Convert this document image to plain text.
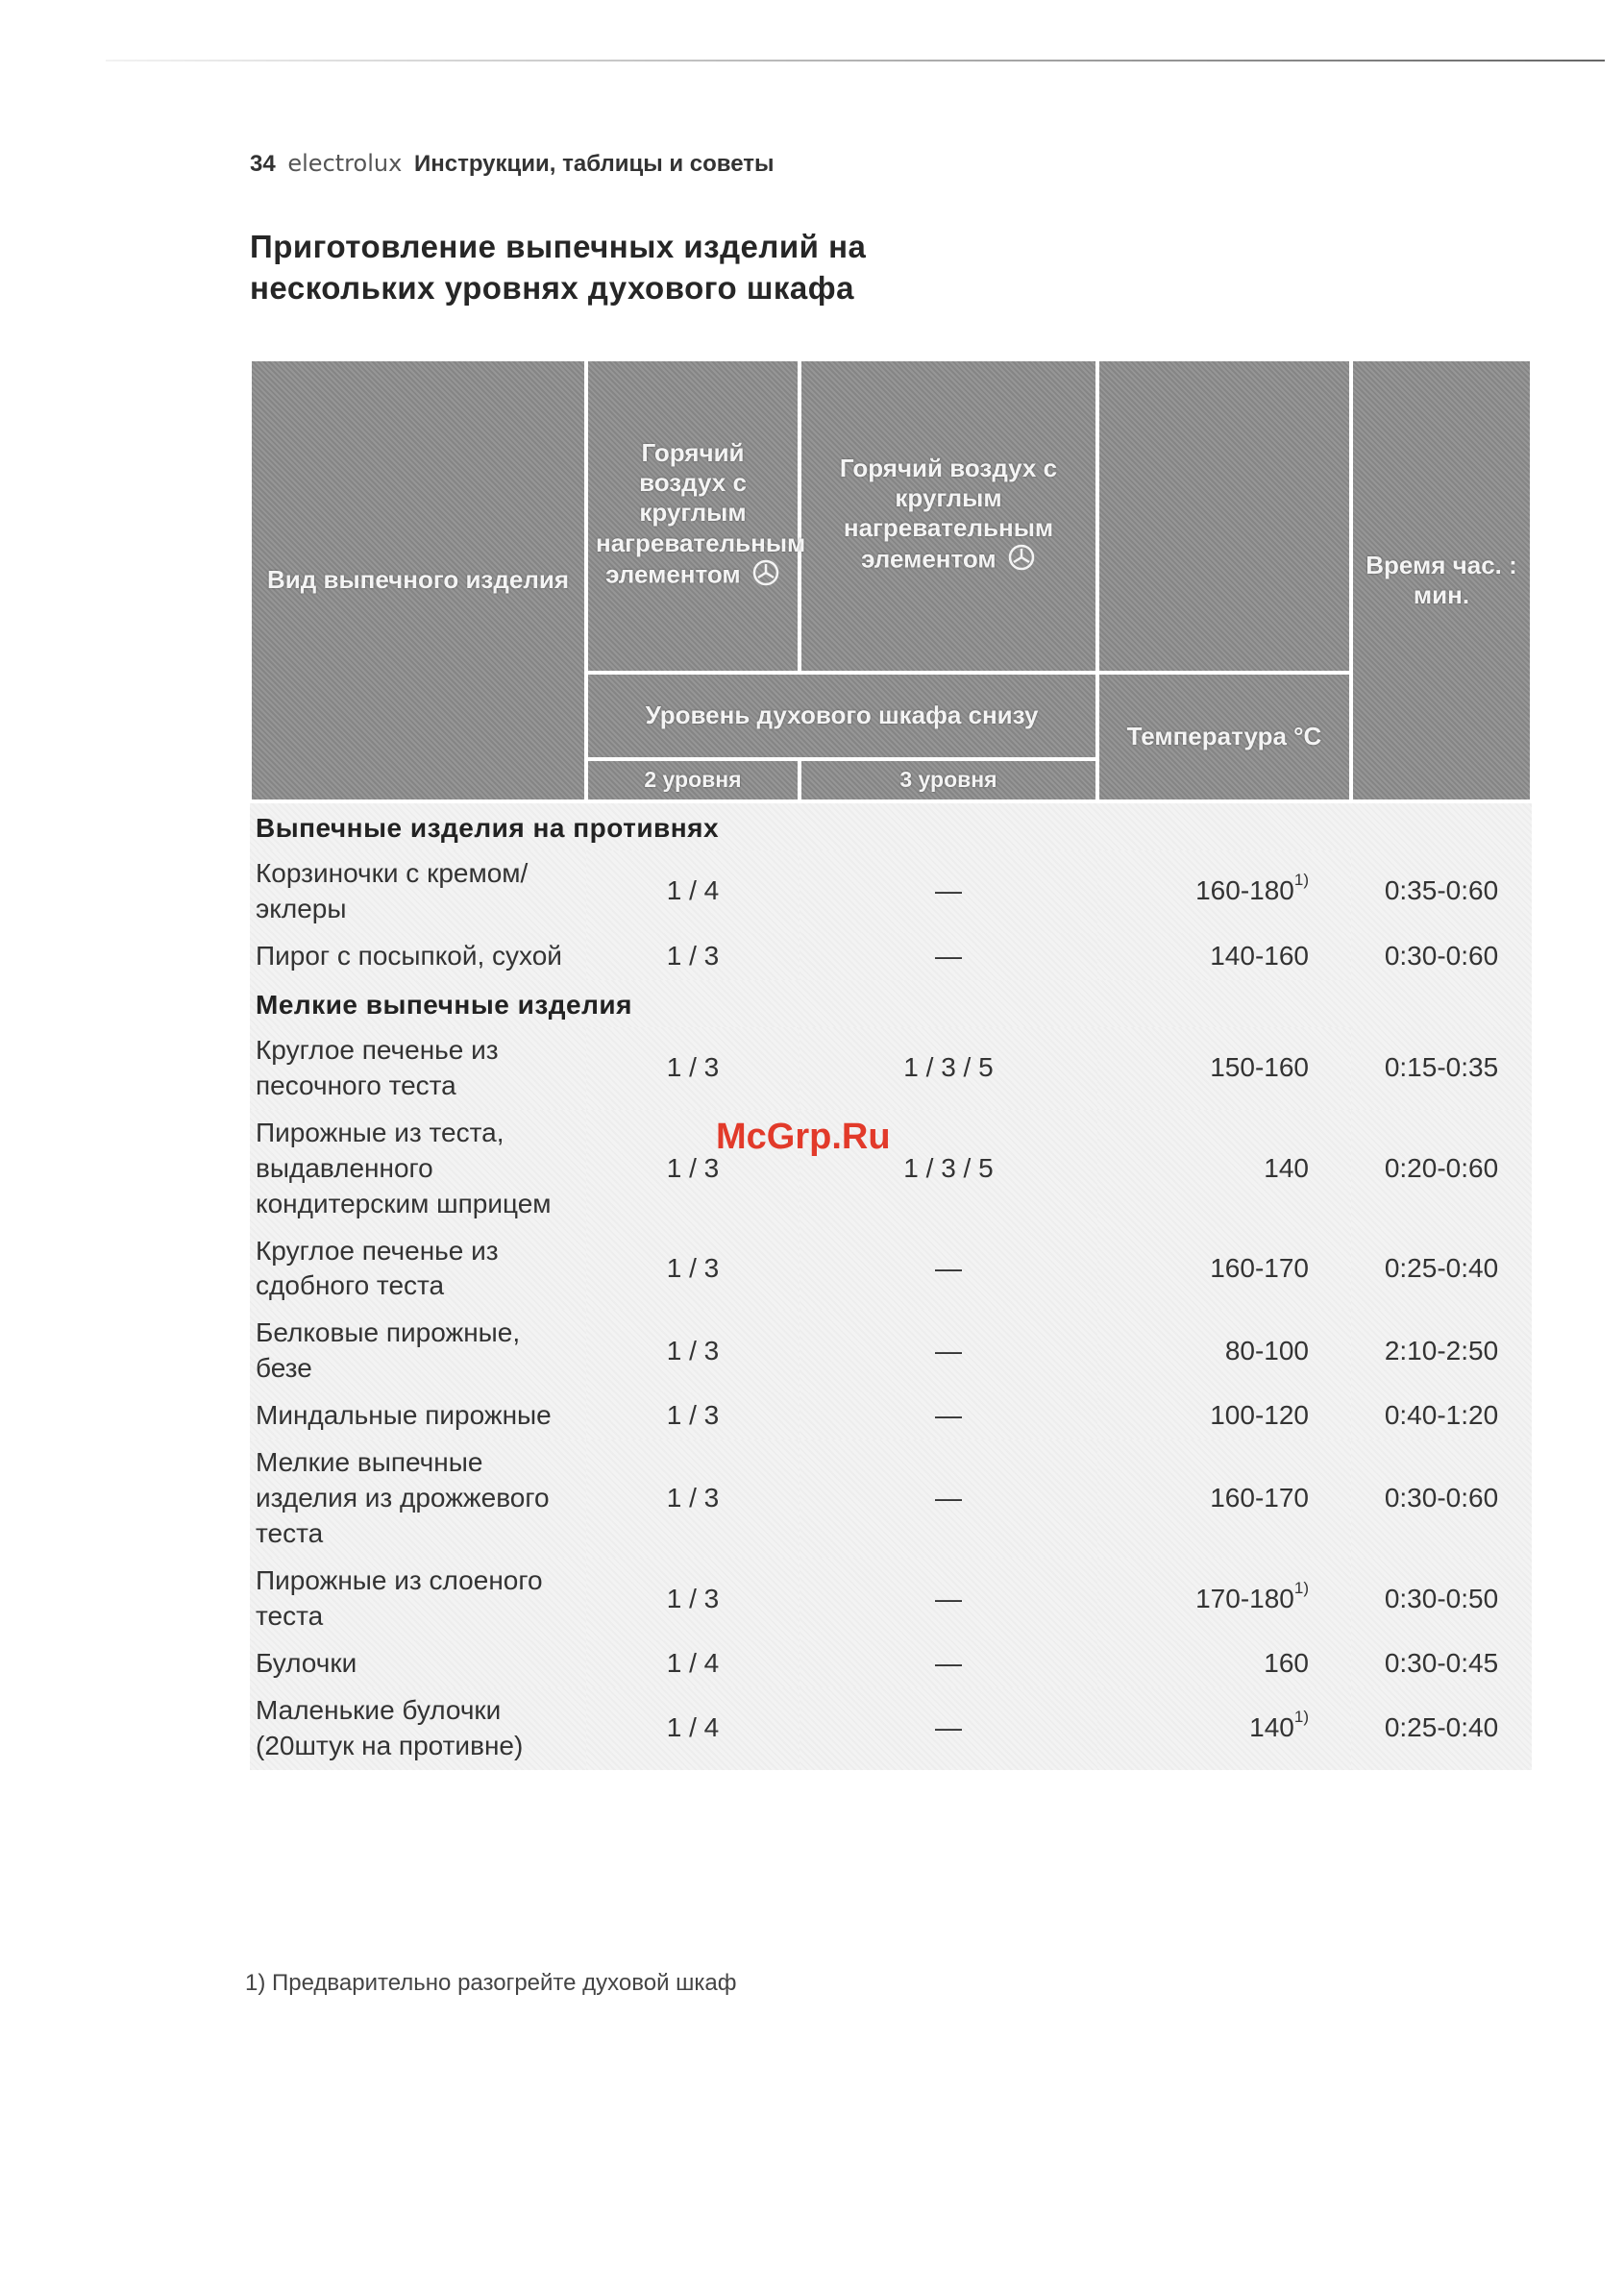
34 electrolux Инструкции, таблицы и советы
Приготовление выпечных изделий на нескольких уровнях духового шкафа
Вид выпечного изделия	Горячий воздух с круглым нагревательным элементом	Горячий воздух с круглым нагревательным элементом		Время час. : мин.
	Уровень духового шкафа снизу		Температура °С	
	2 уровня	3 уровня		
Выпечные изделия на противнях				
Корзиночки с кремом/ эклеры	1 / 4	—	160-180$^{1)}$	0:35-0:60
Пирог с посыпкой, сухой	1 / 3	—	140-160	0:30-0:60
Мелкие выпечные изделия				
Круглое печенье из песочного теста	1 / 3	1 / 3 / 5	150-160	0:15-0:35
Пирожные из теста, выдавленного кондитерским шприцем	1 / 3	1 / 3 / 5	140	0:20-0:60
Круглое печенье из сдобного теста	1 / 3	—	160-170	0:25-0:40
Белковые пирожные, безе	1 / 3	—	80-100	2:10-2:50
Миндальные пирожные	1 / 3	—	100-120	0:40-1:20
Мелкие выпечные изделия из дрожжевого теста	1 / 3	—	160-170	0:30-0:60
Пирожные из слоеного теста	1 / 3	—	170-180$^{1)}$	0:30-0:50
Булочки	1 / 4	—	160	0:30-0:45
Маленькие булочки (20штук на противне)	1 / 4	—	140$^{1)}$	0:25-0:40
McGrp.Ru
1) Предварительно разогрейте духовой шкаф
